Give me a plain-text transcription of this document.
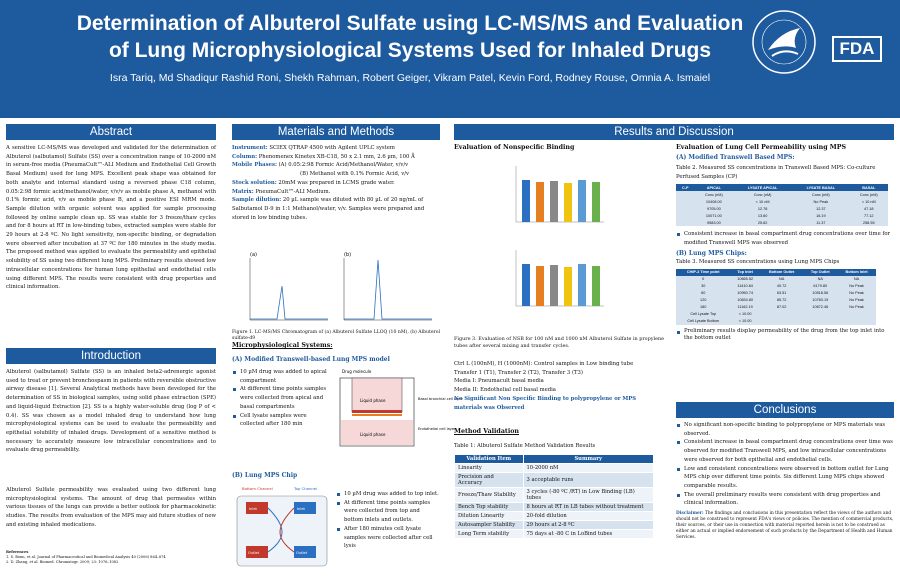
Determination of Albuterol Sulfate using LC-MS/MS and Evaluation
of Lung Microphysiological Systems Used for Inhaled Drugs
Isra Tariq, Md Shadiqur Rashid Roni, Shekh Rahman, Robert Geiger, Vikram Patel, Kevin Ford, Rodney Rouse, Omnia A. Ismaiel
FDA
Abstract
A sensitive LC-MS/MS was developed and validated for the determination of Albuterol (salbutamol) Sulfate (SS) over a concentration range of 10-2000 nM in serum-free media (PneumaCult™-ALI Medium and Endothelial Cell Growth Basal Medium) used for lung MPS. Excellent peak shape was obtained for both analyte and internal standard using a reversed phase C18 column, 0.05:2:98 formic acid/methanol/water, v/v/v as mobile phase A, methanol with 0.1% formic acid, v/v as mobile phase B, and a positive ESI MRM mode. Sample dilution with organic solvent was applied for sample processing followed by online sample clean up. SS was stable for 3 freeze/thaw cycles and for 8 hours at RT in low-binding tubes, extracted samples were stable for 29 hours at 2-8 ºC. No light sensitivity, non-specific binding, or degradation were observed after incubation at 37 ºC for 180 minutes in the study media. The proposed method was applied to evaluate the permeability and epithelial solubility of SS using two different lung MPS. Preliminary results showed low intracellular concentrations for human lung epithelial and endothelial cells using different MPS. The results were consistent with drug properties and clinical information.
Introduction
Albuterol (salbutamol) Sulfate (SS) is an inhaled beta2-adrenergic agonist used to treat or prevent bronchospasm in patients with reversible obstructive airway disease [1]. Several Analytical methods have been developed for the determination of SS in biological samples, using solid phase extraction (SPE) and liquid-liquid Extraction [2]. SS is a highly water-soluble drug (log P of < 0.4). SS was chosen as a model inhaled drug to understand how lung microphysiological systems can be used to evaluate the permeability and epithelial solubility of inhaled drugs. Development of a sensitive method is necessary to accurately measure low intracellular concentrations and to evaluate drug permeability.
Albuterol Sulfate permeability was evaluated using two different lung microphysiological systems. The amount of drug that permeates within various tissues of the lungs can provide a better outlook for pharmacokinetic studies. The results from evaluation of the MPS may aid future studies of new and existing inhaled medications.
References
1. S. Bonn, et al. Journal of Pharmaceutical and Biomedical Analysis 40 (2006) 864–874
2. D. Zhang, et al. Biomed. Chromatogr. 2009; 23: 1076–1082
Materials and Methods
Instrument: SCIEX QTRAP 4500 with Agilent UPLC system
Column: Phenomenex Kinetex XB-C18, 50 x 2.1 mm, 2.6 µm, 100 Å
Mobile Phases: (A) 0.05:2:98 Formic Acid/Methanol/Water, v/v/v
(B) Methanol with 0.1% Formic Acid, v/v
Stock solution: 20mM was prepared in LCMS grade water.
Matrix: PneumaCult™-ALI Medium.
Sample dilution: 20 µL sample was diluted with 80 µL of 20 ng/mL of Salbutamol D-9 in 1:1 Methanol/water, v/v. Samples were prepared and stored in low binding tubes.
(a)	(b)
Figure 1. LC-MS/MS Chromatogram of (a) Albuterol Sulfate LLOQ (10 nM), (b) Albuterol sulfate-d9
Microphysiological Systems:
(A) Modified Transwell-based Lung MPS model
10 µM drug was added to apical compartment
At different time points samples were collected from apical and basal compartments
Cell lysate samples were collected after 180 min
Drug molecule
Liquid phase
Liquid phase
Basal bronchial cell layer
Endothelial cell layer
(B) Lung MPS Chip
Bottom Channel	Top Channel
Inlet	Inlet
Outlet	Outlet
10 µM drug was added to top inlet.
At different time points samples were collected from top and bottom inlets and outlets.
After 180 minutes cell lysate samples were collected after cell lysis
Results and Discussion
Evaluation of Nonspecific Binding
Figure 3. Evaluation of NSB for 100 nM and 1000 nM Albuterol Sulfate in propylene tubes after several mixing and transfer cycles.
Ctrl L (100nM), H (1000nM): Control samples in Low binding tube
Transfer 1 (T1), Transfer 2 (T2), Transfer 3 (T3)
Media I: Pneumacult basal media
Media II: Endothelial cell basal media
No Significant Non Specific Binding to polypropylene or MPS materials was Observed
Method Validation
Table 1: Albuterol Sulfate Method Validation Results
Validation Item	Summary
Linearity	10-2000 nM
Precision and Accuracy	3 acceptable runs
Freeze/Thaw Stability	3 cycles (-80 ºC /RT) in Low Binding (LB) tubes
Bench Top stability	8 hours at RT in LB tubes without treatment
Dilution Linearity	20-fold dilution
Autosampler Stability	29 hours at 2-8 ºC
Long Term stability	75 days at -80 C in LoBind tubes
Evaluation of Lung Cell Permeability using MPS
(A) Modified Transwell Based MPS:
Table 2. Measured SS concentrations in Transwell Based MPS: Co-culture Perfused Samples (CP)
C-P	APICAL	LYSATE APICAL	LYSATE BASAL	BASAL
	Conc (nM)	Conc (nM)	Conc (nM)	Conc (nM)
	10408.00	< 10 nM	No Peak	< 10 nM
	9705.00	12.78	12.37	47.18
	10071.00	13.60	16.19	77.12
	9583.00	25.62	11.37	258.55
Consistent increase in basal compartment drug concentrations over time for modified Transwell MPS was observed
(B) Lung MPS Chips:
Table 3. Measured SS concentrations using Lung MPS Chips
CHIP-2 Time point	Top Inlet	Bottom Outlet	Top Outlet	Bottom Inlet
0	10665.52	NA	NA	NA
30	11410.64	40.72	6179.80	No Peak
60	10950.74	63.51	10518.56	No Peak
120	10834.80	85.72	10783.19	No Peak
180	11162.19	87.02	10672.46	No Peak
Cell Lysate Top	< 10.00			
Cell Lysate Bottom	< 10.00			
Preliminary results display permeability of the drug from the top inlet into the bottom outlet
Conclusions
No significant non-specific binding to polypropylene or MPS materials was observed.
Consistent increase in basal compartment drug concentrations over time was observed for modified Transwell MPS, and low intracellular concentrations were observed for both epithelial and endothelial cells.
Low and consistent concentrations were observed in bottom outlet for Lung MPS chip over different time points. Six different Lung MPS chips showed comparable results.
The overall preliminary results were consistent with drug properties and clinical information.
Disclaimer: The findings and conclusions in this presentation reflect the views of the authors and should not be construed to represent FDA's views or policies. The mention of commercial products, their sources, or their use in connection with material reported herein is not to be construed as either an actual or implied endorsement of such products by the Department of Health and Human Services.
